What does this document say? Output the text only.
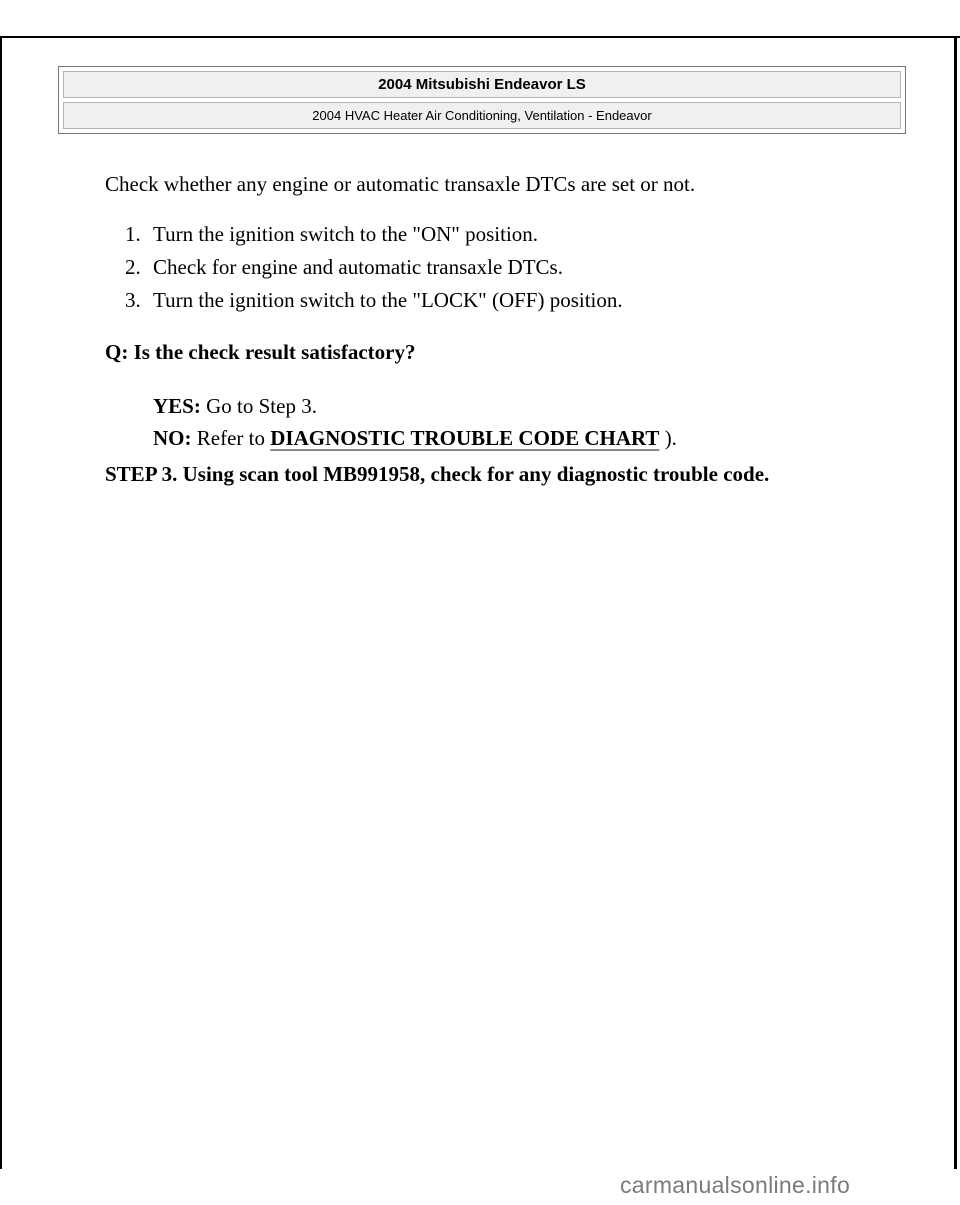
2004 Mitsubishi Endeavor LS
2004 HVAC Heater Air Conditioning, Ventilation - Endeavor

Check whether any engine or automatic transaxle DTCs are set or not.

1. Turn the ignition switch to the "ON" position.
2. Check for engine and automatic transaxle DTCs.
3. Turn the ignition switch to the "LOCK" (OFF) position.

Q: Is the check result satisfactory?

YES: Go to Step 3.
NO: Refer to DIAGNOSTIC TROUBLE CODE CHART ).

STEP 3. Using scan tool MB991958, check for any diagnostic trouble code.

carmanualsonline.info
